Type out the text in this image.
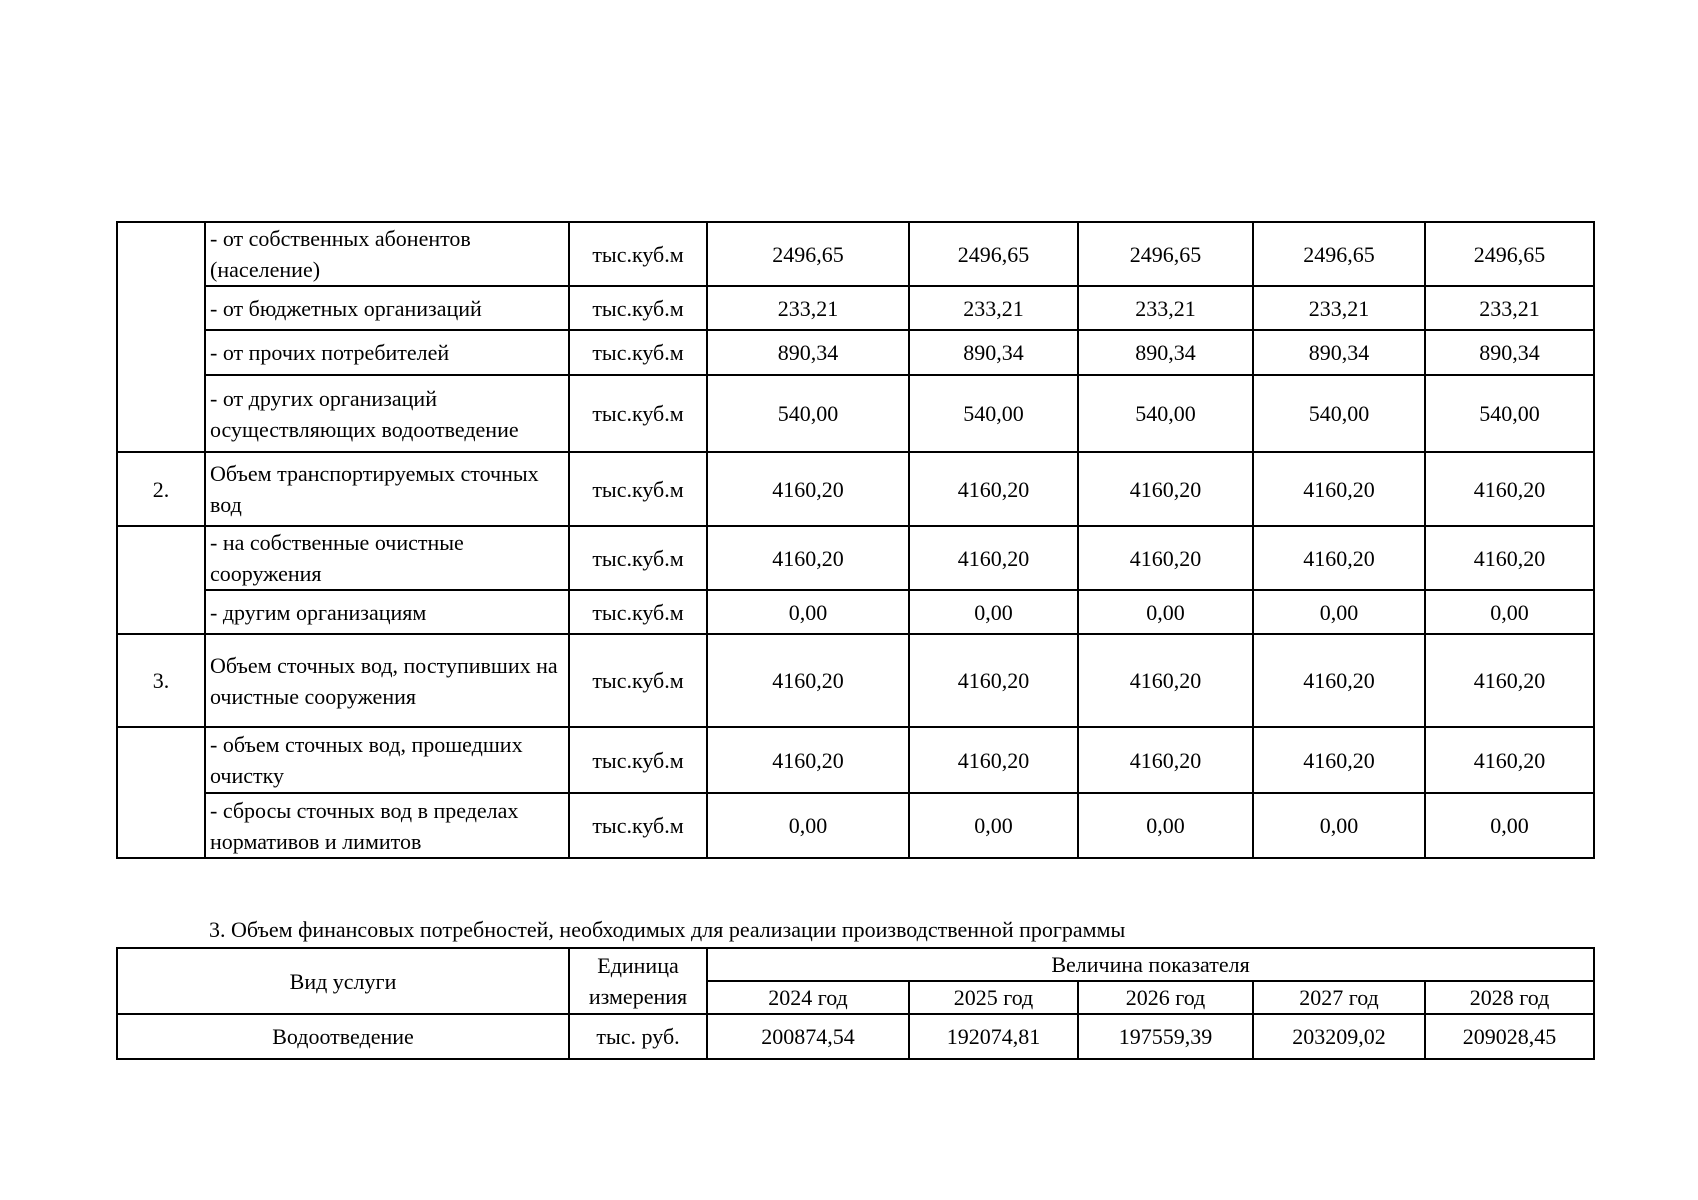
	- от собственных абонентов (население)	тыс.куб.м	2496,65	2496,65	2496,65	2496,65	2496,65
	- от бюджетных организаций	тыс.куб.м	233,21	233,21	233,21	233,21	233,21
	- от прочих потребителей	тыс.куб.м	890,34	890,34	890,34	890,34	890,34
	- от других организаций осуществляющих водоотведение	тыс.куб.м	540,00	540,00	540,00	540,00	540,00
2.	Объем транспортируемых сточных вод	тыс.куб.м	4160,20	4160,20	4160,20	4160,20	4160,20
	- на собственные очистные сооружения	тыс.куб.м	4160,20	4160,20	4160,20	4160,20	4160,20
	- другим организациям	тыс.куб.м	0,00	0,00	0,00	0,00	0,00
3.	Объем сточных вод, поступивших на очистные сооружения	тыс.куб.м	4160,20	4160,20	4160,20	4160,20	4160,20
	- объем сточных вод, прошедших очистку	тыс.куб.м	4160,20	4160,20	4160,20	4160,20	4160,20
	- сбросы сточных вод в пределах нормативов и лимитов	тыс.куб.м	0,00	0,00	0,00	0,00	0,00
3. Объем финансовых потребностей, необходимых для реализации производственной программы
Вид услуги	Единица измерения	Величина показателя				
		2024 год	2025 год	2026 год	2027 год	2028 год
Водоотведение	тыс. руб.	200874,54	192074,81	197559,39	203209,02	209028,45
